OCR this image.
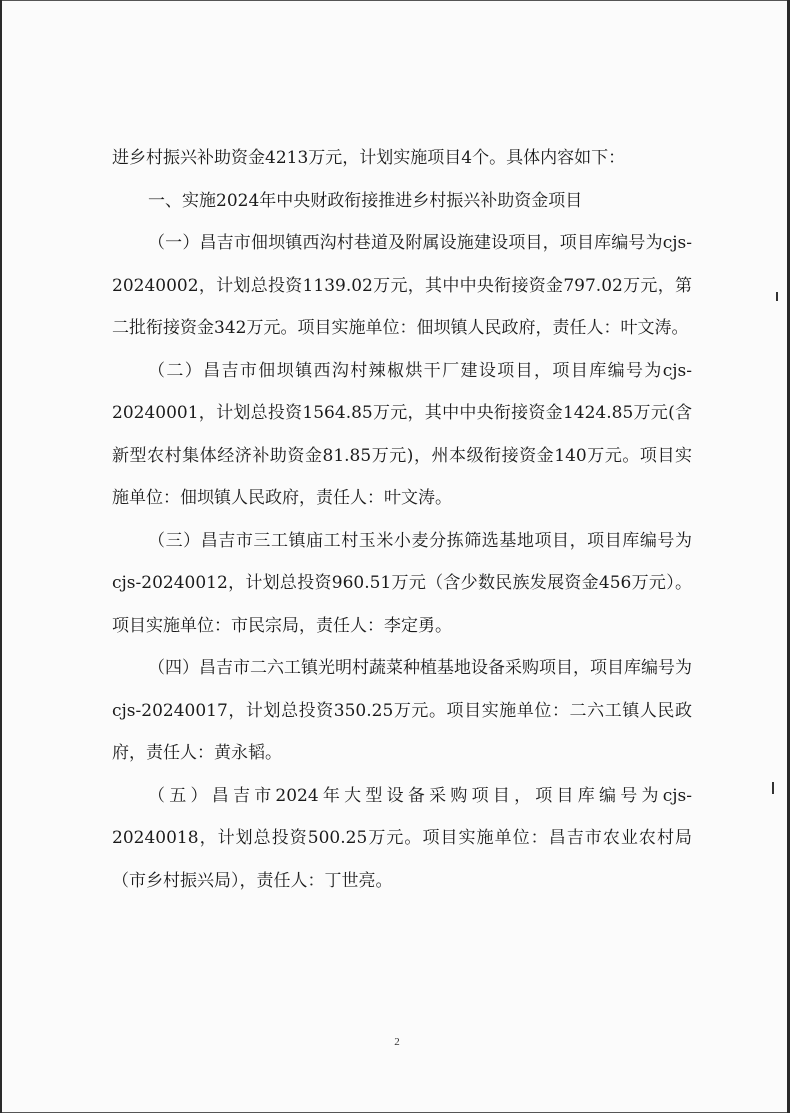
进乡村振兴补助资金4213万元，计划实施项目4个。具体内容如下：

一、实施2024年中央财政衔接推进乡村振兴补助资金项目

（一）昌吉市佃坝镇西沟村巷道及附属设施建设项目，项目库编号为cjs-20240002，计划总投资1139.02万元，其中中央衔接资金797.02万元，第二批衔接资金342万元。项目实施单位：佃坝镇人民政府，责任人：叶文涛。

（二）昌吉市佃坝镇西沟村辣椒烘干厂建设项目，项目库编号为cjs-20240001，计划总投资1564.85万元，其中中央衔接资金1424.85万元(含新型农村集体经济补助资金81.85万元)，州本级衔接资金140万元。项目实施单位：佃坝镇人民政府，责任人：叶文涛。

（三）昌吉市三工镇庙工村玉米小麦分拣筛选基地项目，项目库编号为cjs-20240012，计划总投资960.51万元（含少数民族发展资金456万元）。项目实施单位：市民宗局，责任人：李定勇。

（四）昌吉市二六工镇光明村蔬菜种植基地设备采购项目，项目库编号为cjs-20240017，计划总投资350.25万元。项目实施单位：二六工镇人民政府，责任人：黄永韬。

（五）昌吉市2024年大型设备采购项目，项目库编号为cjs-20240018，计划总投资500.25万元。项目实施单位：昌吉市农业农村局（市乡村振兴局），责任人：丁世亮。

2
